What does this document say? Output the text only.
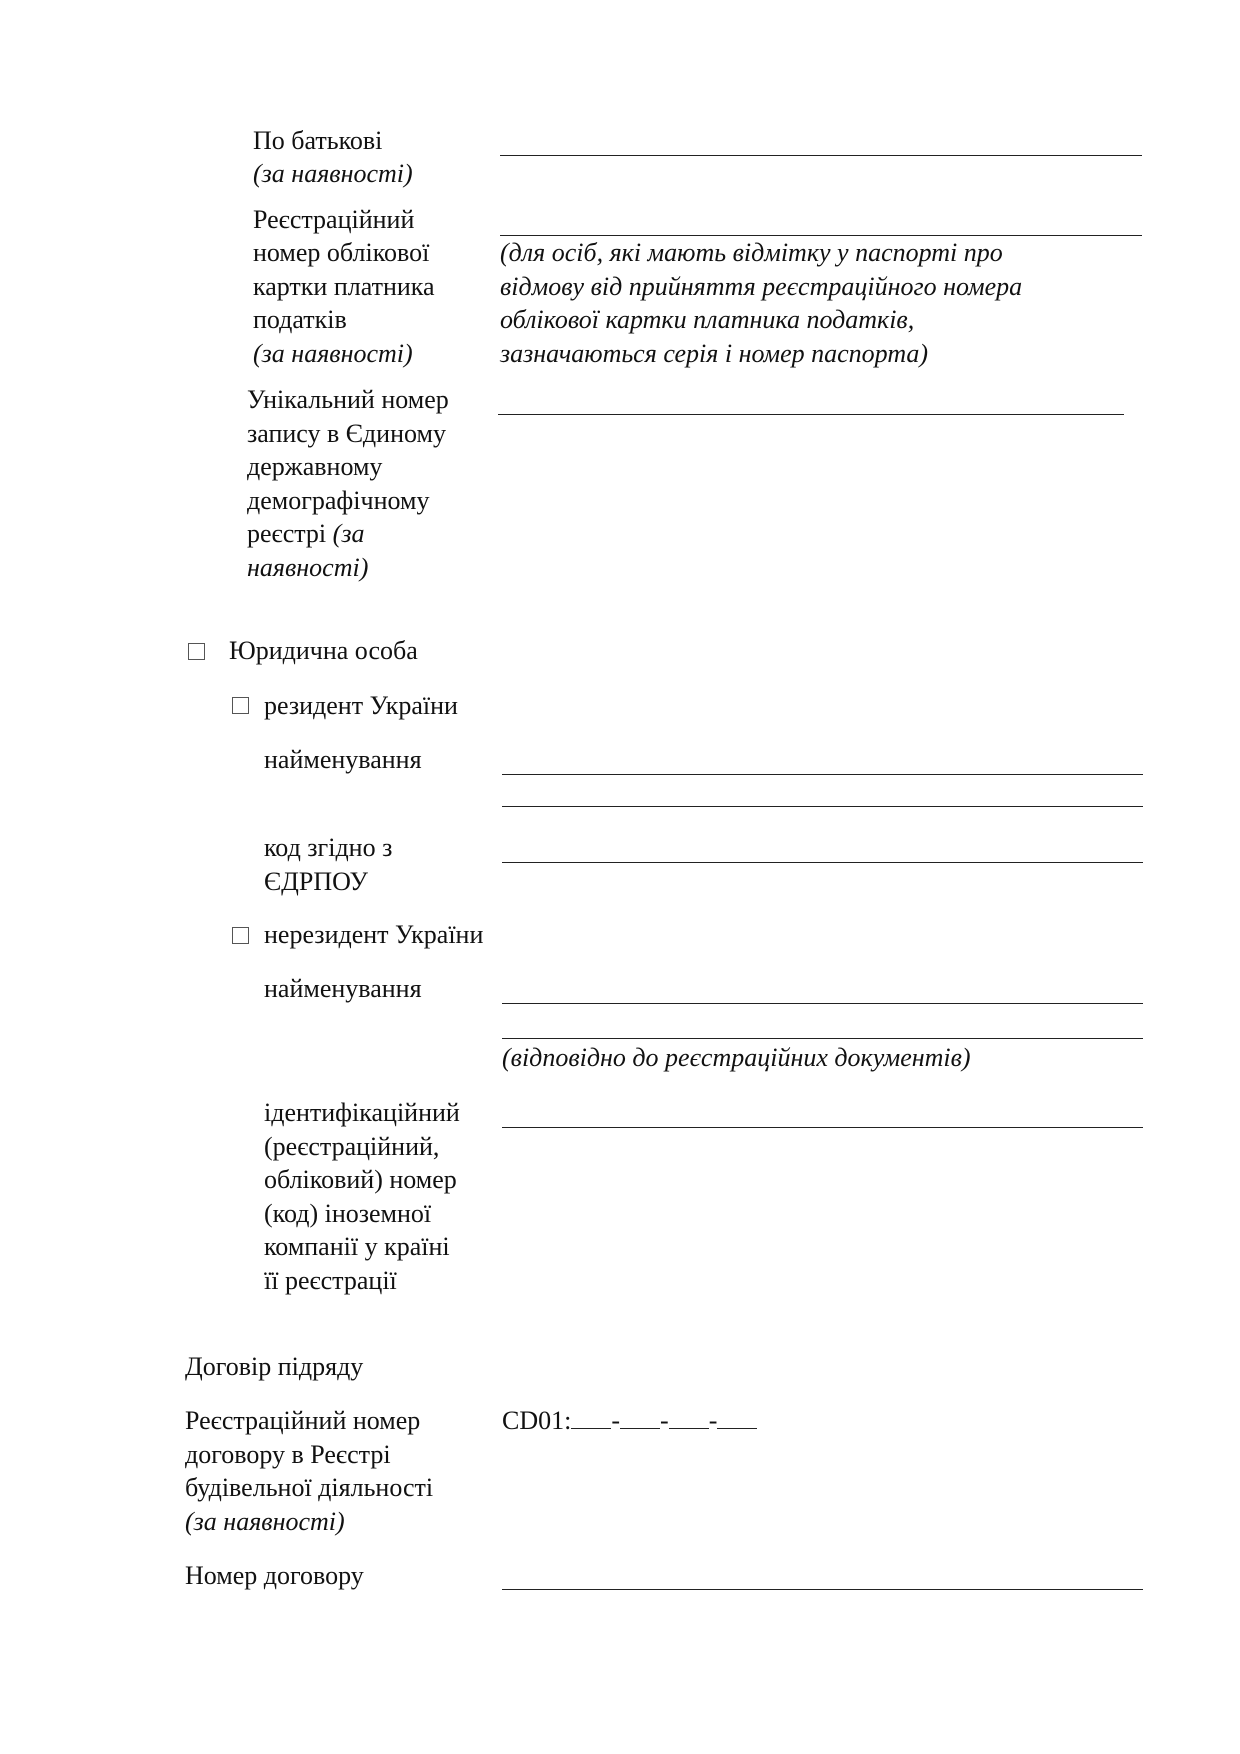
По батькові
(за наявності)
Реєстраційний
номер облікової
картки платника
податків
(за наявності)
(для осіб, які мають відмітку у паспорті про
відмову від прийняття реєстраційного номера
облікової картки платника податків,
зазначаються серія і номер паспорта)
Унікальний номер
запису в Єдиному
державному
демографічному
реєстрі (за
наявності)
Юридична особа
резидент України
найменування
код згідно з
ЄДРПОУ
нерезидент України
найменування
(відповідно до реєстраційних документів)
ідентифікаційний
(реєстраційний,
обліковий) номер
(код) іноземної
компанії у країні
її реєстрації
Договір підряду
Реєстраційний номер
договору в Реєстрі
будівельної діяльності
(за наявності)
CD01: - - -
Номер договору
